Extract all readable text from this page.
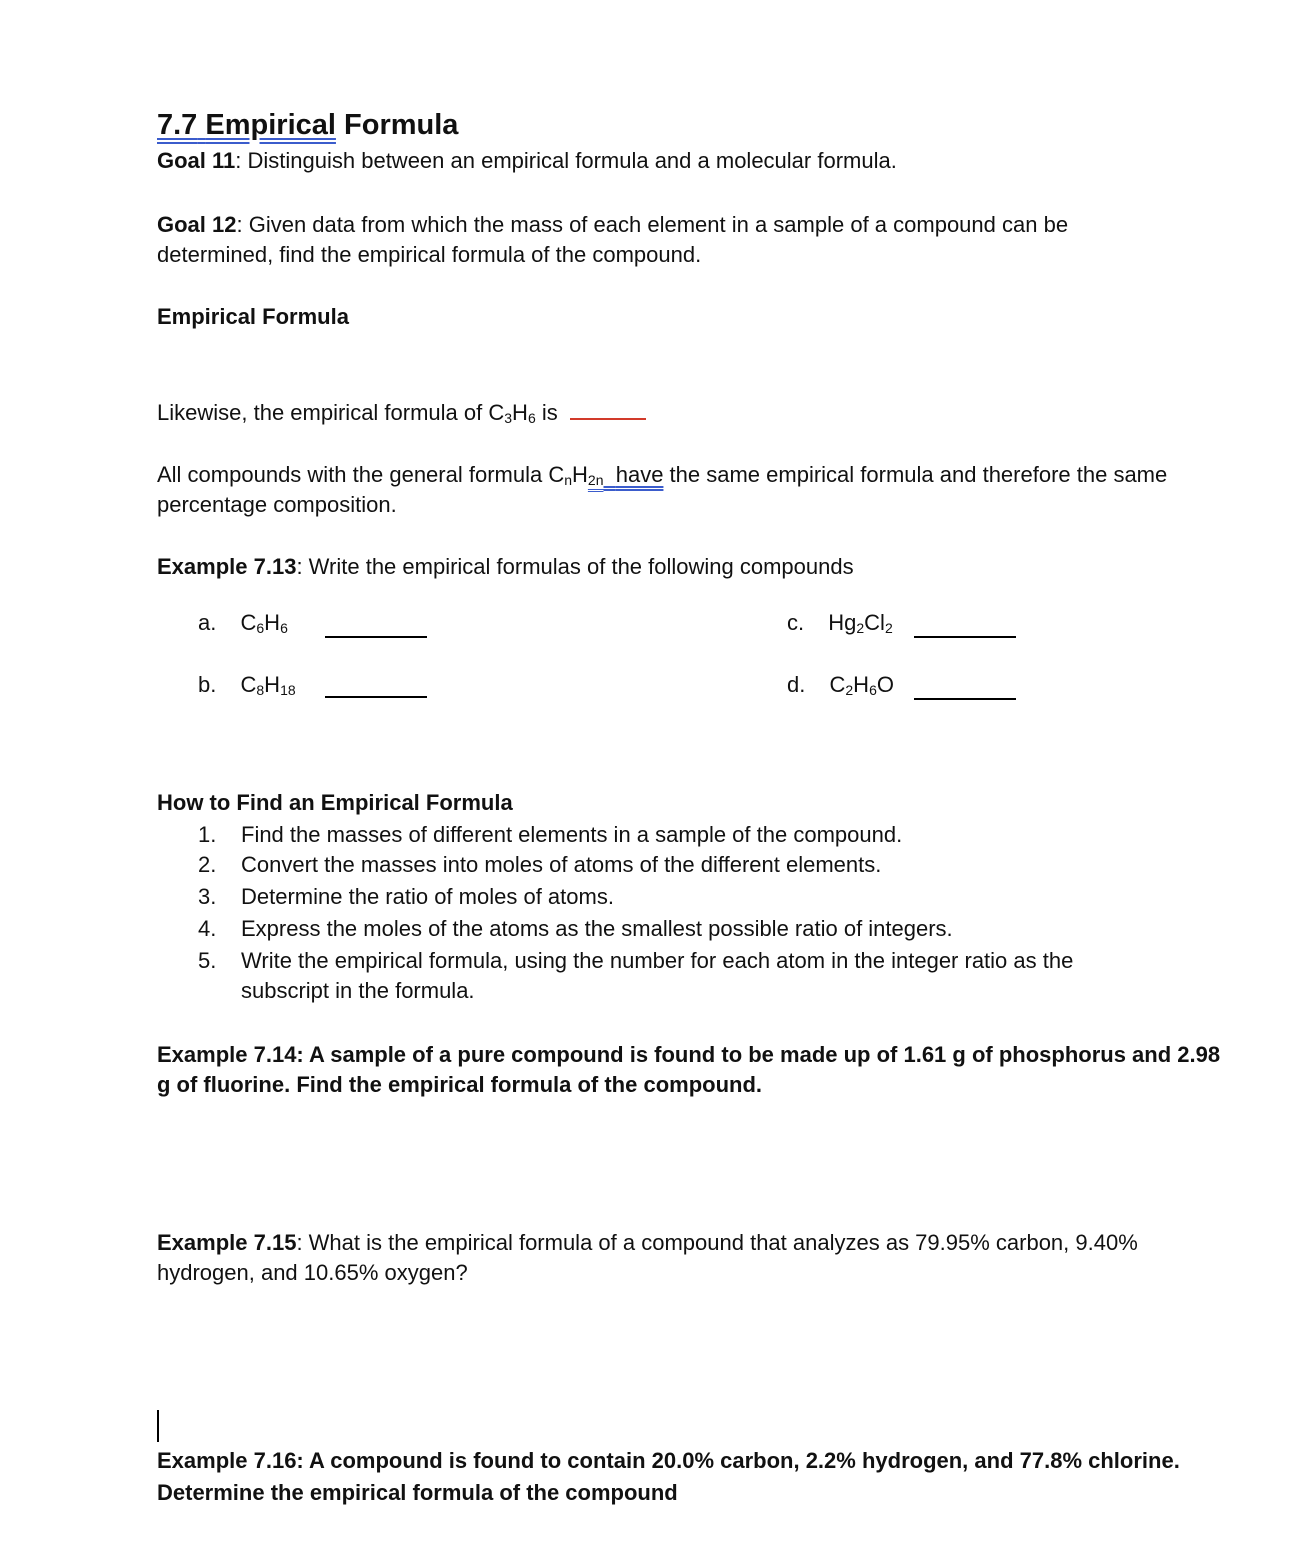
7.7 Empirical Formula
Goal 11: Distinguish between an empirical formula and a molecular formula.
Goal 12: Given data from which the mass of each element in a sample of a compound can be
determined, find the empirical formula of the compound.
Empirical Formula
Likewise, the empirical formula of $C_3H_6$ is
All compounds with the general formula $C_nH_{2n}$ have the same empirical formula and therefore the same
percentage composition.
Example 7.13: Write the empirical formulas of the following compounds
a. $C_6H_6$	c. $Hg_2Cl_2$
b. $C_8H_{18}$	d. $C_2H_6O$
How to Find an Empirical Formula
1. Find the masses of different elements in a sample of the compound.
2. Convert the masses into moles of atoms of the different elements.
3. Determine the ratio of moles of atoms.
4. Express the moles of the atoms as the smallest possible ratio of integers.
5. Write the empirical formula, using the number for each atom in the integer ratio as the
subscript in the formula.
Example 7.14: A sample of a pure compound is found to be made up of 1.61 g of phosphorus and 2.98
g of fluorine. Find the empirical formula of the compound.
Example 7.15: What is the empirical formula of a compound that analyzes as 79.95% carbon, 9.40%
hydrogen, and 10.65% oxygen?
Example 7.16: A compound is found to contain 20.0% carbon, 2.2% hydrogen, and 77.8% chlorine.
Determine the empirical formula of the compound
